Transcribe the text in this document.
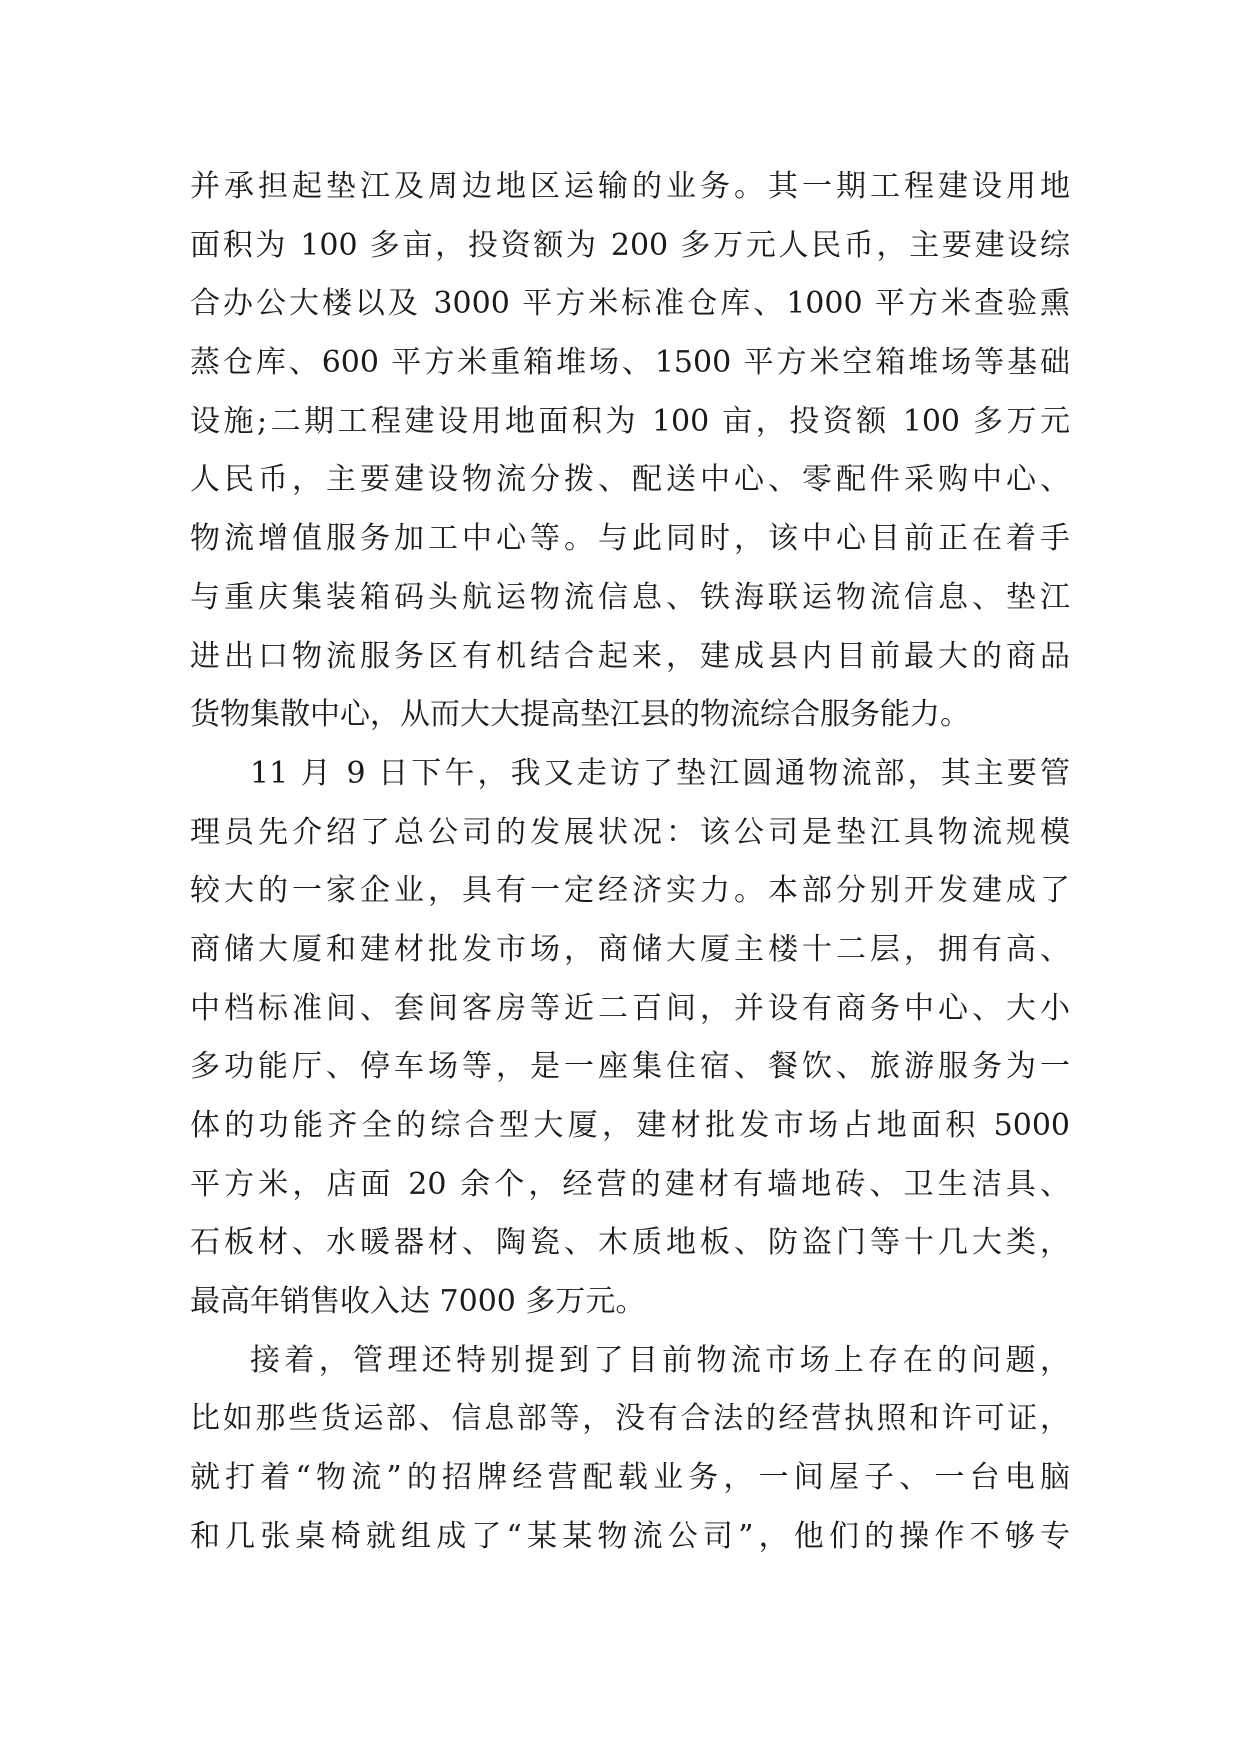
并承担起垫江及周边地区运输的业务。其一期工程建设用地
面积为 100 多亩，投资额为 200 多万元人民币，主要建设综
合办公大楼以及 3000 平方米标准仓库、1000 平方米查验熏
蒸仓库、600 平方米重箱堆场、1500 平方米空箱堆场等基础
设施;二期工程建设用地面积为 100 亩，投资额 100 多万元
人民币，主要建设物流分拨、配送中心、零配件采购中心、
物流增值服务加工中心等。与此同时，该中心目前正在着手
与重庆集装箱码头航运物流信息、铁海联运物流信息、垫江
进出口物流服务区有机结合起来，建成县内目前最大的商品
货物集散中心，从而大大提高垫江县的物流综合服务能力。
11 月 9 日下午，我又走访了垫江圆通物流部，其主要管
理员先介绍了总公司的发展状况：该公司是垫江具物流规模
较大的一家企业，具有一定经济实力。本部分别开发建成了
商储大厦和建材批发市场，商储大厦主楼十二层，拥有高、
中档标准间、套间客房等近二百间，并设有商务中心、大小
多功能厅、停车场等，是一座集住宿、餐饮、旅游服务为一
体的功能齐全的综合型大厦，建材批发市场占地面积 5000
平方米，店面 20 余个，经营的建材有墙地砖、卫生洁具、
石板材、水暖器材、陶瓷、木质地板、防盗门等十几大类，
最高年销售收入达 7000 多万元。
接着，管理还特别提到了目前物流市场上存在的问题，
比如那些货运部、信息部等，没有合法的经营执照和许可证，
就打着“物流”的招牌经营配载业务，一间屋子、一台电脑
和几张桌椅就组成了“某某物流公司”，他们的操作不够专
